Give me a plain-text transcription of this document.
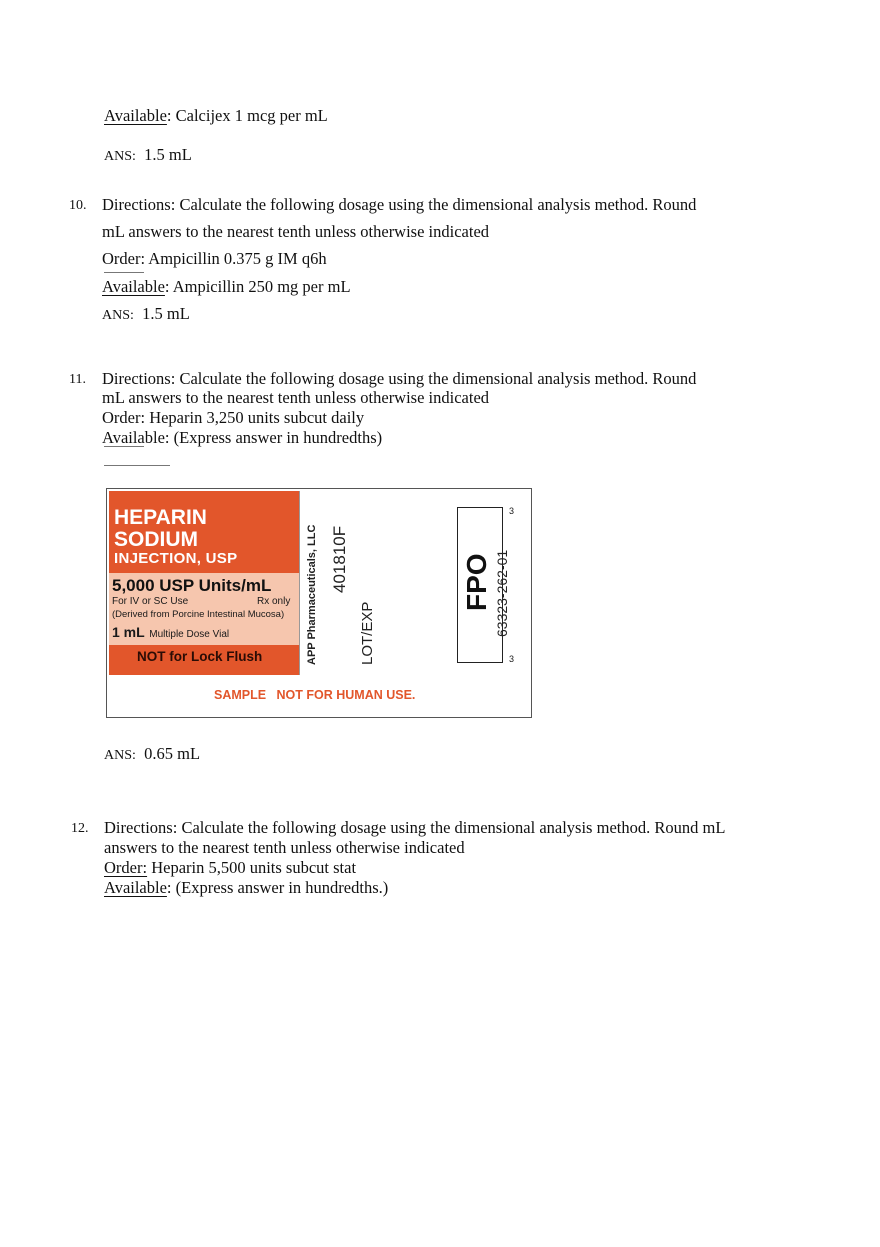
Available: Calcijex 1 mcg per mL
ANS: 1.5 mL
10. Directions: Calculate the following dosage using the dimensional analysis method. Round
mL answers to the nearest tenth unless otherwise indicated
Order: Ampicillin 0.375 g IM q6h
Available: Ampicillin 250 mg per mL
ANS: 1.5 mL
11. Directions: Calculate the following dosage using the dimensional analysis method. Round
mL answers to the nearest tenth unless otherwise indicated
Order: Heparin 3,250 units subcut daily
Available: (Express answer in hundredths)
HEPARIN
SODIUM
INJECTION, USP
5,000 USP Units/mL
For IV or SC Use	Rx only
(Derived from Porcine Intestinal Mucosa)
1 mL Multiple Dose Vial
NOT for Lock Flush	APP Pharmaceuticals, LLC 401810F
LOT/EXP
FPO 63323-262-01
3
3
SAMPLE   NOT FOR HUMAN USE.
ANS: 0.65 mL
12. Directions: Calculate the following dosage using the dimensional analysis method. Round mL
answers to the nearest tenth unless otherwise indicated
Order: Heparin 5,500 units subcut stat
Available: (Express answer in hundredths.)
